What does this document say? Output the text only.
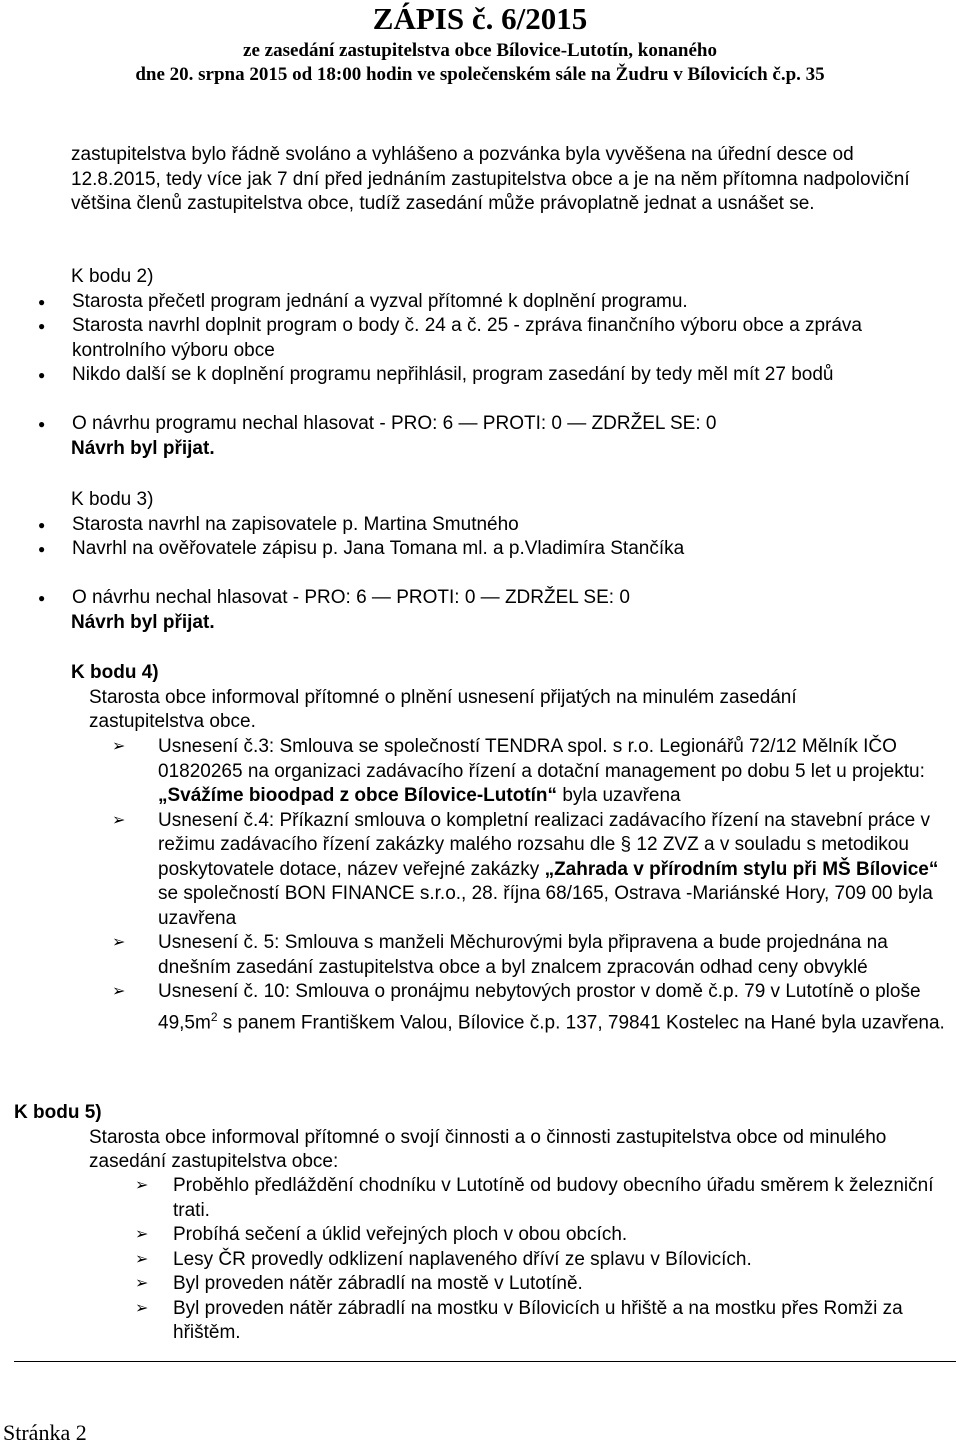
ZÁPIS č. 6/2015
ze zasedání zastupitelstva obce Bílovice-Lutotín, konaného
dne 20. srpna 2015 od 18:00 hodin ve společenském sále na Žudru v Bílovicích č.p. 35

zastupitelstva bylo řádně svoláno a vyhlášeno a pozvánka byla vyvěšena na úřední desce od 12.8.2015, tedy více jak 7 dní před jednáním zastupitelstva obce a je na něm přítomna nadpoloviční většina členů zastupitelstva obce, tudíž zasedání může právoplatně jednat a usnášet se.

K bodu 2)

● Starosta přečetl program jednání a vyzval přítomné k doplnění programu.
● Starosta navrhl doplnit program o body č. 24 a č. 25 - zpráva finančního výboru obce a zpráva kontrolního výboru obce
● Nikdo další se k doplnění programu nepřihlásil, program zasedání by tedy měl mít 27 bodů
● O návrhu programu nechal hlasovat - PRO: 6 — PROTI: 0 — ZDRŽEL SE: 0

Návrh byl přijat.

K bodu 3)

● Starosta navrhl na zapisovatele p. Martina Smutného
● Navrhl na ověřovatele zápisu p. Jana Tomana ml. a p.Vladimíra Stančíka
● O návrhu nechal hlasovat - PRO: 6 — PROTI: 0 — ZDRŽEL SE: 0

Návrh byl přijat.

K bodu 4)

Starosta obce informoval přítomné o plnění usnesení přijatých na minulém zasedání zastupitelstva obce.

➢ Usnesení č.3: Smlouva se společností TENDRA spol. s r.o. Legionářů 72/12 Mělník IČO 01820265 na organizaci zadávacího řízení a dotační management po dobu 5 let u projektu: „Svážíme bioodpad z obce Bílovice-Lutotín“ byla uzavřena
➢ Usnesení č.4: Příkazní smlouva o kompletní realizaci zadávacího řízení na stavební práce v režimu zadávacího řízení zakázky malého rozsahu dle § 12 ZVZ a v souladu s metodikou poskytovatele dotace, název veřejné zakázky „Zahrada v přírodním stylu při MŠ Bílovice“ se společností BON FINANCE s.r.o., 28. října 68/165, Ostrava -Mariánské Hory, 709 00 byla uzavřena
➢ Usnesení č. 5: Smlouva s manželi Měchurovými byla připravena a bude projednána na dnešním zasedání zastupitelstva obce a byl znalcem zpracován odhad ceny obvyklé
➢ Usnesení č. 10: Smlouva o pronájmu nebytových prostor v domě č.p. 79 v Lutotíně o ploše $49,5m^2$ s panem Františkem Valou, Bílovice č.p. 137, 79841 Kostelec na Hané byla uzavřena.

K bodu 5)

Starosta obce informoval přítomné o svojí činnosti a o činnosti zastupitelstva obce od minulého zasedání zastupitelstva obce:

➢ Proběhlo předláždění chodníku v Lutotíně od budovy obecního úřadu směrem k železniční trati.
➢ Probíhá sečení a úklid veřejných ploch v obou obcích.
➢ Lesy ČR provedly odklizení naplaveného dříví ze splavu v Bílovicích.
➢ Byl proveden nátěr zábradlí na mostě v Lutotíně.
➢ Byl proveden nátěr zábradlí na mostku v Bílovicích u hřiště a na mostku přes Romži za hřištěm.
Stránka 2
